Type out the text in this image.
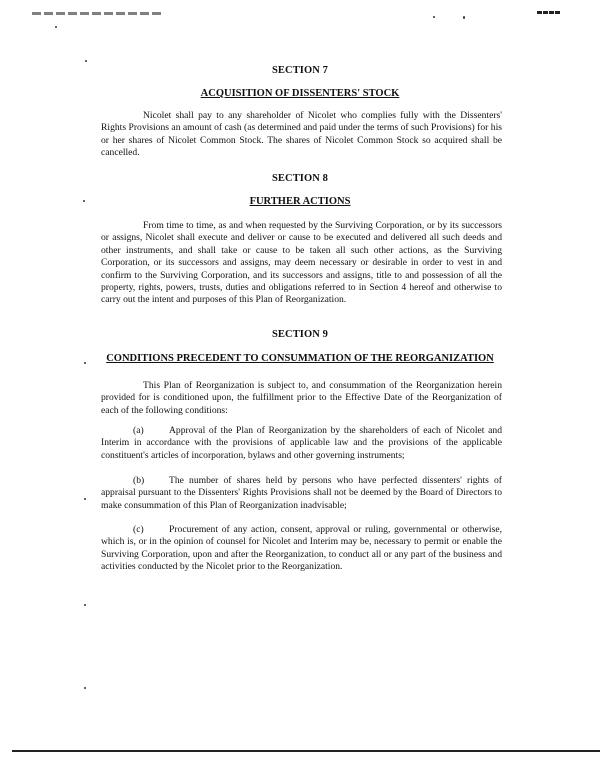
SECTION 7
ACQUISITION OF DISSENTERS' STOCK

Nicolet shall pay to any shareholder of Nicolet who complies fully with the Dissenters' Rights Provisions an amount of cash (as determined and paid under the terms of such Provisions) for his or her shares of Nicolet Common Stock. The shares of Nicolet Common Stock so acquired shall be cancelled.

SECTION 8
FURTHER ACTIONS

From time to time, as and when requested by the Surviving Corporation, or by its successors or assigns, Nicolet shall execute and deliver or cause to be executed and delivered all such deeds and other instruments, and shall take or cause to be taken all such other actions, as the Surviving Corporation, or its successors and assigns, may deem necessary or desirable in order to vest in and confirm to the Surviving Corporation, and its successors and assigns, title to and possession of all the property, rights, powers, trusts, duties and obligations referred to in Section 4 hereof and otherwise to carry out the intent and purposes of this Plan of Reorganization.

SECTION 9
CONDITIONS PRECEDENT TO CONSUMMATION OF THE REORGANIZATION

This Plan of Reorganization is subject to, and consummation of the Reorganization herein provided for is conditioned upon, the fulfillment prior to the Effective Date of the Reorganization of each of the following conditions:

(a)	Approval of the Plan of Reorganization by the shareholders of each of Nicolet and Interim in accordance with the provisions of applicable law and the provisions of the applicable constituent's articles of incorporation, bylaws and other governing instruments;

(b)	The number of shares held by persons who have perfected dissenters' rights of appraisal pursuant to the Dissenters' Rights Provisions shall not be deemed by the Board of Directors to make consummation of this Plan of Reorganization inadvisable;

(c)	Procurement of any action, consent, approval or ruling, governmental or otherwise, which is, or in the opinion of counsel for Nicolet and Interim may be, necessary to permit or enable the Surviving Corporation, upon and after the Reorganization, to conduct all or any part of the business and activities conducted by the Nicolet prior to the Reorganization.
